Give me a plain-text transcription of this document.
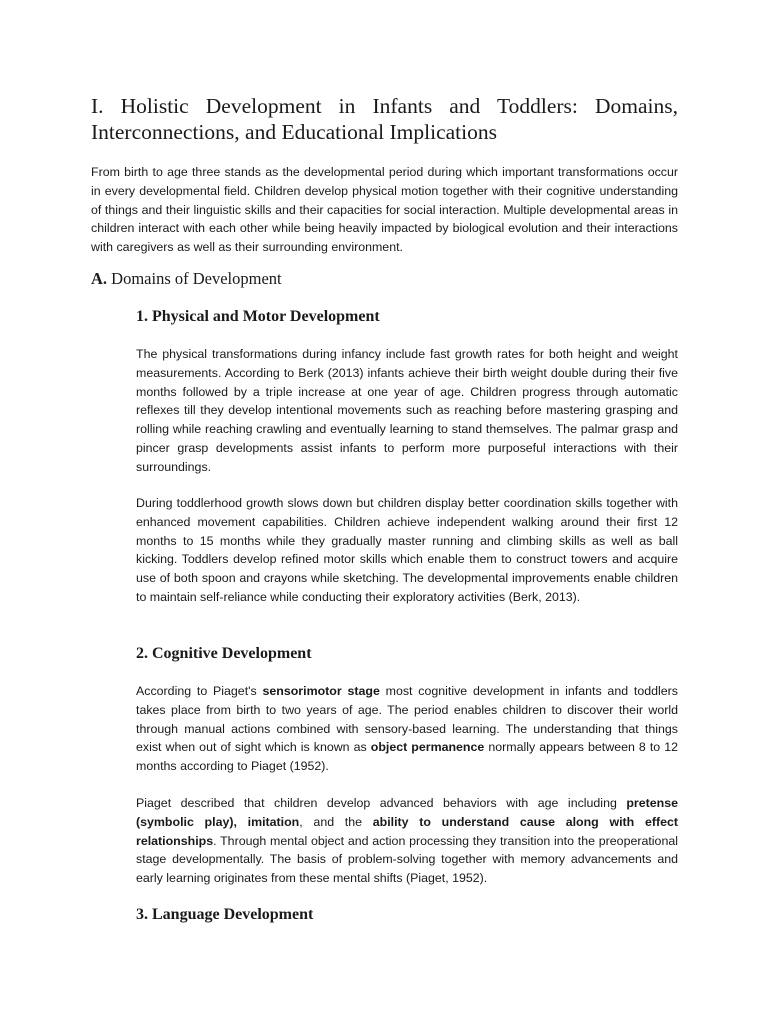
I. Holistic Development in Infants and Toddlers: Domains, Interconnections, and Educational Implications

From birth to age three stands as the developmental period during which important transformations occur in every developmental field. Children develop physical motion together with their cognitive understanding of things and their linguistic skills and their capacities for social interaction. Multiple developmental areas in children interact with each other while being heavily impacted by biological evolution and their interactions with caregivers as well as their surrounding environment.

A. Domains of Development
1. Physical and Motor Development

The physical transformations during infancy include fast growth rates for both height and weight measurements. According to Berk (2013) infants achieve their birth weight double during their five months followed by a triple increase at one year of age. Children progress through automatic reflexes till they develop intentional movements such as reaching before mastering grasping and rolling while reaching crawling and eventually learning to stand themselves. The palmar grasp and pincer grasp developments assist infants to perform more purposeful interactions with their surroundings.

During toddlerhood growth slows down but children display better coordination skills together with enhanced movement capabilities. Children achieve independent walking around their first 12 months to 15 months while they gradually master running and climbing skills as well as ball kicking. Toddlers develop refined motor skills which enable them to construct towers and acquire use of both spoon and crayons while sketching. The developmental improvements enable children to maintain self-reliance while conducting their exploratory activities (Berk, 2013).

2. Cognitive Development

According to Piaget's sensorimotor stage most cognitive development in infants and toddlers takes place from birth to two years of age. The period enables children to discover their world through manual actions combined with sensory-based learning. The understanding that things exist when out of sight which is known as object permanence normally appears between 8 to 12 months according to Piaget (1952).

Piaget described that children develop advanced behaviors with age including pretense (symbolic play), imitation, and the ability to understand cause along with effect relationships. Through mental object and action processing they transition into the preoperational stage developmentally. The basis of problem-solving together with memory advancements and early learning originates from these mental shifts (Piaget, 1952).

3. Language Development
